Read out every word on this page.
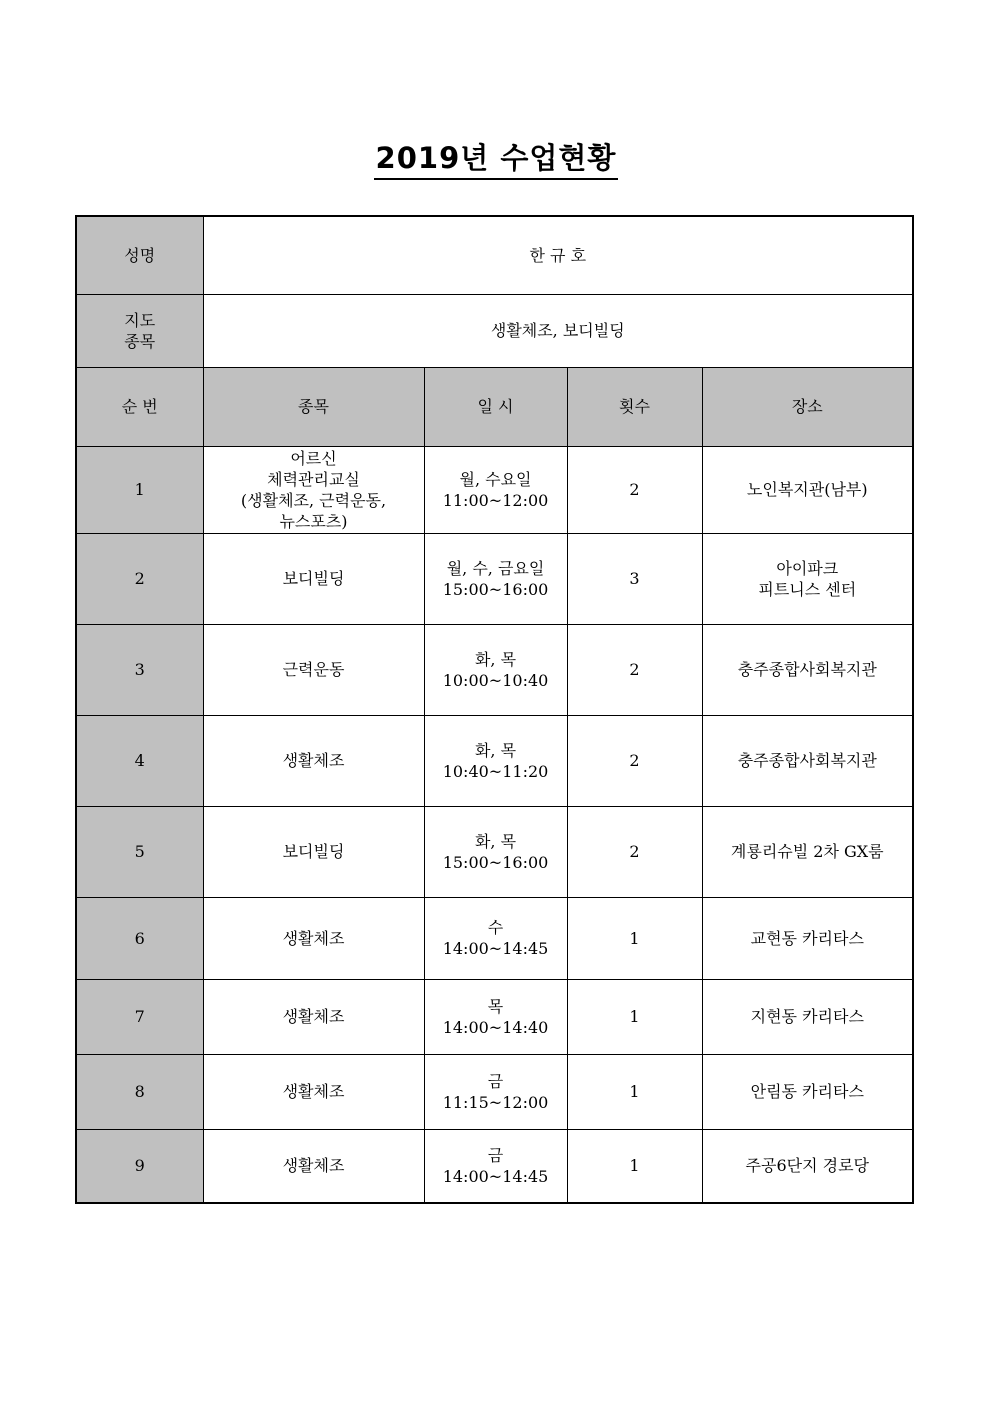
2019년 수업현황
성명	한 규 호			

지도
종목	생활체조, 보디빌딩			
순 번	종목	일 시	횟수	장소
1	어르신
체력관리교실
(생활체조, 근력운동,
뉴스포츠)	월, 수요일
11:00~12:00	2	노인복지관(남부)

2	보디빌딩	월, 수, 금요일
15:00~16:00	3	아이파크
피트니스 센터

3	근력운동	화, 목
10:00~10:40	2	충주종합사회복지관

4	생활체조	화, 목
10:40~11:20	2	충주종합사회복지관

5	보디빌딩	화, 목
15:00~16:00	2	계룡리슈빌 2차 GX룸

6	생활체조	수
14:00~14:45	1	교현동 카리타스

7	생활체조	목
14:00~14:40	1	지현동 카리타스

8	생활체조	금
11:15~12:00	1	안림동 카리타스

9	생활체조	금
14:00~14:45	1	주공6단지 경로당
